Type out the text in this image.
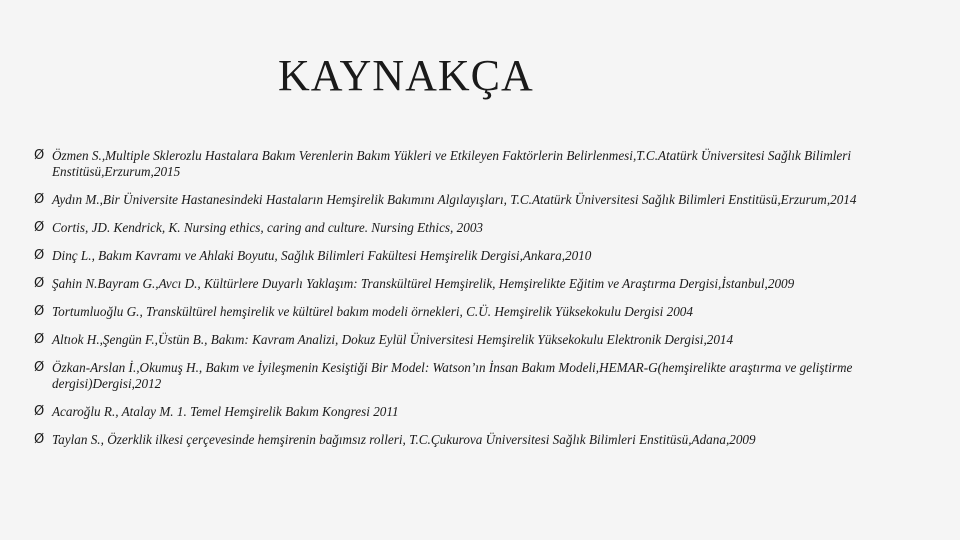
KAYNAKÇA
Ø Özmen S.,Multiple Sklerozlu Hastalara Bakım Verenlerin Bakım Yükleri ve Etkileyen Faktörlerin Belirlenmesi,T.C.Atatürk Üniversitesi Sağlık Bilimleri Enstitüsü,Erzurum,2015
Ø Aydın M.,Bir Üniversite Hastanesindeki Hastaların Hemşirelik Bakımını Algılayışları, T.C.Atatürk Üniversitesi Sağlık Bilimleri Enstitüsü,Erzurum,2014
Ø Cortis, JD. Kendrick, K. Nursing ethics, caring and culture. Nursing Ethics, 2003
Ø Dinç L., Bakım Kavramı ve Ahlaki Boyutu, Sağlık Bilimleri Fakültesi Hemşirelik Dergisi,Ankara,2010
Ø Şahin N.Bayram G.,Avcı D., Kültürlere Duyarlı Yaklaşım: Transkültürel Hemşirelik, Hemşirelikte Eğitim ve Araştırma Dergisi,İstanbul,2009
Ø Tortumluoğlu G., Transkültürel hemşirelik ve kültürel bakım modeli örnekleri, C.Ü. Hemşirelik Yüksekokulu Dergisi 2004
Ø Altıok H.,Şengün F.,Üstün B., Bakım: Kavram Analizi, Dokuz Eylül Üniversitesi Hemşirelik Yüksekokulu Elektronik Dergisi,2014
Ø Özkan-Arslan İ.,Okumuş H., Bakım ve İyileşmenin Kesiştiği Bir Model: Watson’ın İnsan Bakım Modeli,HEMAR-G(hemşirelikte araştırma ve geliştirme dergisi)Dergisi,2012
Ø Acaroğlu R., Atalay M. 1. Temel Hemşirelik Bakım Kongresi 2011
Ø Taylan S., Özerklik ilkesi çerçevesinde hemşirenin bağımsız rolleri, T.C.Çukurova Üniversitesi Sağlık Bilimleri Enstitüsü,Adana,2009
